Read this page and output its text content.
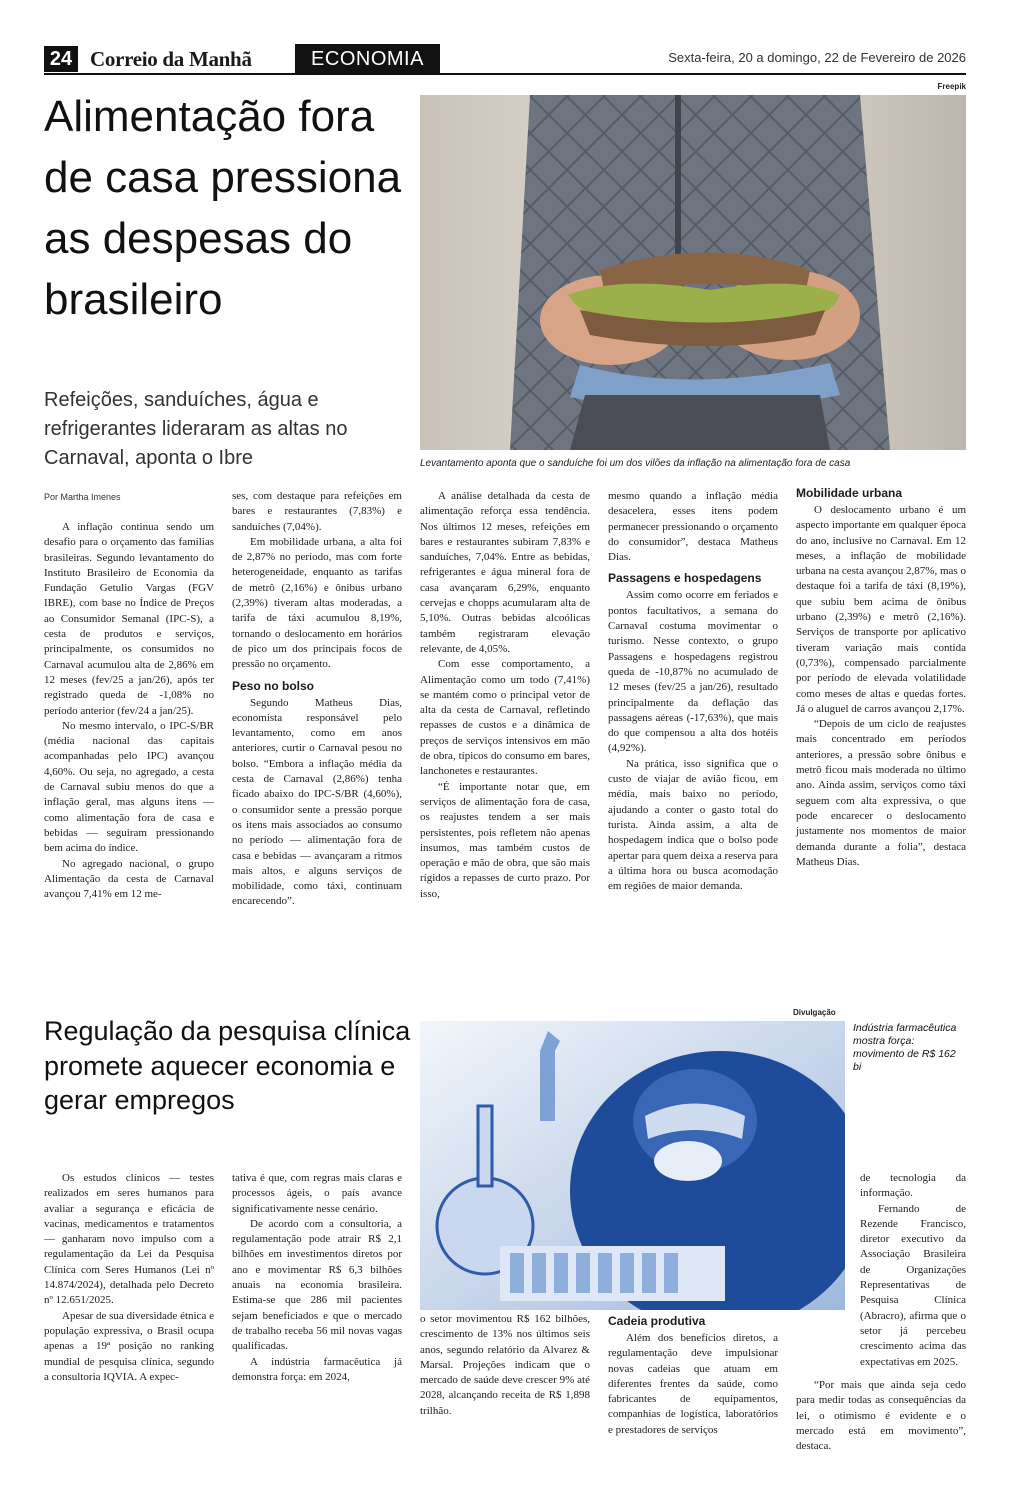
24 Correio da Manhã	ECONOMIA	Sexta-feira, 20 a domingo, 22 de Fevereiro de 2026
Alimentação fora de casa pressiona as despesas do brasileiro
Refeições, sanduíches, água e refrigerantes lideraram as altas no Carnaval, aponta o Ibre
Freepik
Levantamento aponta que o sanduíche foi um dos vilões da inflação na alimentação fora de casa
Por Martha Imenes

A inflação continua sendo um desafio para o orçamento das famílias brasileiras. Segundo levantamento do Instituto Brasileiro de Economia da Fundação Getulio Vargas (FGV IBRE), com base no Índice de Preços ao Consumidor Semanal (IPC-S), a cesta de produtos e serviços, principalmente, os consumidos no Carnaval acumulou alta de 2,86% em 12 meses (fev/25 a jan/26), após ter registrado queda de -1,08% no período anterior (fev/24 a jan/25).

No mesmo intervalo, o IPC-S/BR (média nacional das capitais acompanhadas pelo IPC) avançou 4,60%. Ou seja, no agregado, a cesta de Carnaval subiu menos do que a inflação geral, mas alguns itens — como alimentação fora de casa e bebidas — seguiram pressionando bem acima do índice.

No agregado nacional, o grupo Alimentação da cesta de Carnaval avançou 7,41% em 12 me-

ses, com destaque para refeições em bares e restaurantes (7,83%) e sanduíches (7,04%).

Em mobilidade urbana, a alta foi de 2,87% no período, mas com forte heterogeneidade, enquanto as tarifas de metrô (2,16%) e ônibus urbano (2,39%) tiveram altas moderadas, a tarifa de táxi acumulou 8,19%, tornando o deslocamento em horários de pico um dos principais focos de pressão no orçamento.

Peso no bolso

Segundo Matheus Dias, economista responsável pelo levantamento, como em anos anteriores, curtir o Carnaval pesou no bolso. “Embora a inflação média da cesta de Carnaval (2,86%) tenha ficado abaixo do IPC-S/BR (4,60%), o consumidor sente a pressão porque os itens mais associados ao consumo no período — alimentação fora de casa e bebidas — avançaram a ritmos mais altos, e alguns serviços de mobilidade, como táxi, continuam encarecendo”.

A análise detalhada da cesta de alimentação reforça essa tendência. Nos últimos 12 meses, refeições em bares e restaurantes subiram 7,83% e sanduíches, 7,04%. Entre as bebidas, refrigerantes e água mineral fora de casa avançaram 6,29%, enquanto cervejas e chopps acumularam alta de 5,10%. Outras bebidas alcoólicas também registraram elevação relevante, de 4,05%.

Com esse comportamento, a Alimentação como um todo (7,41%) se mantém como o principal vetor de alta da cesta de Carnaval, refletindo repasses de custos e a dinâmica de preços de serviços intensivos em mão de obra, típicos do consumo em bares, lanchonetes e restaurantes.

“É importante notar que, em serviços de alimentação fora de casa, os reajustes tendem a ser mais persistentes, pois refletem não apenas insumos, mas também custos de operação e mão de obra, que são mais rígidos a repasses de curto prazo. Por isso,

mesmo quando a inflação média desacelera, esses itens podem permanecer pressionando o orçamento do consumidor”, destaca Matheus Dias.

Passagens e hospedagens

Assim como ocorre em feriados e pontos facultativos, a semana do Carnaval costuma movimentar o turismo. Nesse contexto, o grupo Passagens e hospedagens registrou queda de -10,87% no acumulado de 12 meses (fev/25 a jan/26), resultado principalmente da deflação das passagens aéreas (-17,63%), que mais do que compensou a alta dos hotéis (4,92%).

Na prática, isso significa que o custo de viajar de avião ficou, em média, mais baixo no período, ajudando a conter o gasto total do turista. Ainda assim, a alta de hospedagem indica que o bolso pode apertar para quem deixa a reserva para a última hora ou busca acomodação em regiões de maior demanda.

Mobilidade urbana

O deslocamento urbano é um aspecto importante em qualquer época do ano, inclusive no Carnaval. Em 12 meses, a inflação de mobilidade urbana na cesta avançou 2,87%, mas o destaque foi a tarifa de táxi (8,19%), que subiu bem acima de ônibus urbano (2,39%) e metrô (2,16%). Serviços de transporte por aplicativo tiveram variação mais contida (0,73%), compensado parcialmente por período de elevada volatilidade como meses de altas e quedas fortes. Já o aluguel de carros avançou 2,17%.

“Depois de um ciclo de reajustes mais concentrado em períodos anteriores, a pressão sobre ônibus e metrô ficou mais moderada no último ano. Ainda assim, serviços como táxi seguem com alta expressiva, o que pode encarecer o deslocamento justamente nos momentos de maior demanda durante a folia”, destaca Matheus Dias.

Regulação da pesquisa clínica promete aquecer economia e gerar empregos
Divulgação
Indústria farmacêutica mostra força: movimento de R$ 162 bi

Os estudos clínicos — testes realizados em seres humanos para avaliar a segurança e eficácia de vacinas, medicamentos e tratamentos — ganharam novo impulso com a regulamentação da Lei da Pesquisa Clínica com Seres Humanos (Lei nº 14.874/2024), detalhada pelo Decreto nº 12.651/2025.

Apesar de sua diversidade étnica e população expressiva, o Brasil ocupa apenas a 19ª posição no ranking mundial de pesquisa clínica, segundo a consultoria IQVIA. A expec-

tativa é que, com regras mais claras e processos ágeis, o país avance significativamente nesse cenário.

De acordo com a consultoria, a regulamentação pode atrair R$ 2,1 bilhões em investimentos diretos por ano e movimentar R$ 6,3 bilhões anuais na economia brasileira. Estima-se que 286 mil pacientes sejam beneficiados e que o mercado de trabalho receba 56 mil novas vagas qualificadas.

A indústria farmacêutica já demonstra força: em 2024,

o setor movimentou R$ 162 bilhões, crescimento de 13% nos últimos seis anos, segundo relatório da Alvarez & Marsal. Projeções indicam que o mercado de saúde deve crescer 9% até 2028, alcançando receita de R$ 1,898 trilhão.

Cadeia produtiva

Além dos benefícios diretos, a regulamentação deve impulsionar novas cadeias que atuam em diferentes frentes da saúde, como fabricantes de equipamentos, companhias de logística, laboratórios e prestadores de serviços

de tecnologia da informação.

Fernando de Rezende Francisco, diretor executivo da Associação Brasileira de Organizações Representativas de Pesquisa Clínica (Abracro), afirma que o setor já percebeu crescimento acima das expectativas em 2025.

“Por mais que ainda seja cedo para medir todas as consequências da lei, o otimismo é evidente e o mercado está em movimento”, destaca.
